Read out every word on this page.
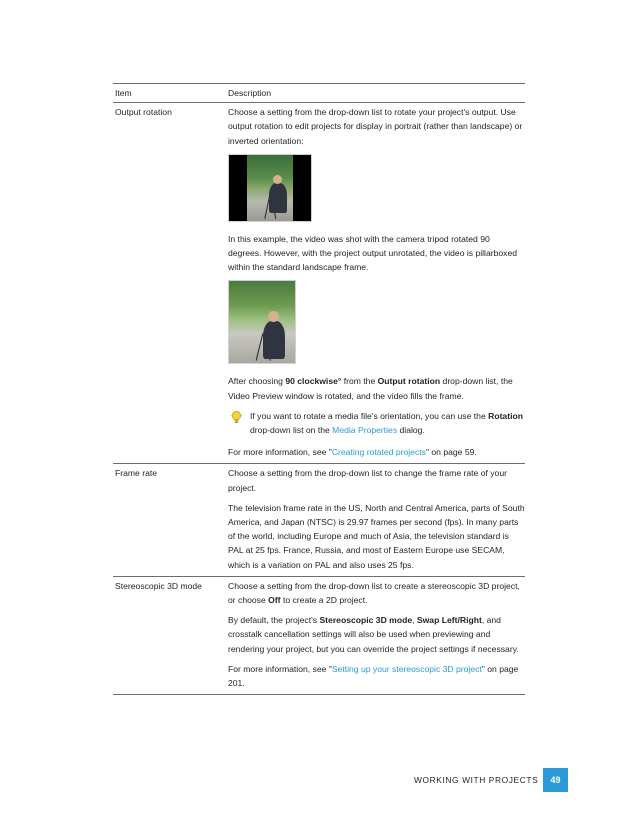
Item	Description
Output rotation	Choose a setting from the drop-down list to rotate your project's output. Use output rotation to edit projects for display in portrait (rather than landscape) or inverted orientation:

In this example, the video was shot with the camera tripod rotated 90 degrees. However, with the project output unrotated, the video is pillarboxed within the standard landscape frame.

After choosing 90 clockwise° from the Output rotation drop-down list, the Video Preview window is rotated, and the video fills the frame.

If you want to rotate a media file's orientation, you can use the Rotation drop-down list on the Media Properties dialog.

For more information, see "Creating rotated projects" on page 59.

Frame rate	Choose a setting from the drop-down list to change the frame rate of your project.

The television frame rate in the US, North and Central America, parts of South America, and Japan (NTSC) is 29.97 frames per second (fps). In many parts of the world, including Europe and much of Asia, the television standard is PAL at 25 fps. France, Russia, and most of Eastern Europe use SECAM, which is a variation on PAL and also uses 25 fps.

Stereoscopic 3D mode	Choose a setting from the drop-down list to create a stereoscopic 3D project, or choose Off to create a 2D project.

By default, the project's Stereoscopic 3D mode, Swap Left/Right, and crosstalk cancellation settings will also be used when previewing and rendering your project, but you can override the project settings if necessary.

For more information, see "Setting up your stereoscopic 3D project" on page 201.

WORKING WITH PROJECTS	49
